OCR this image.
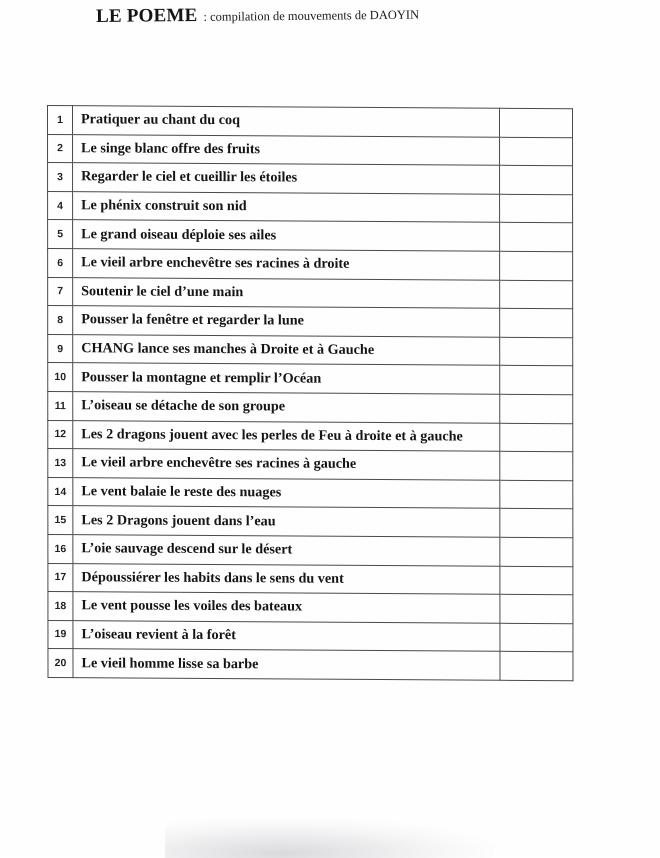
LE POEME : compilation de mouvements de DAOYIN
1	Pratiquer au chant du coq	
2	Le singe blanc offre des fruits	
3	Regarder le ciel et cueillir les étoiles	
4	Le phénix construit son nid	
5	Le grand oiseau déploie ses ailes	
6	Le vieil arbre enchevêtre ses racines à droite	
7	Soutenir le ciel d’une main	
8	Pousser la fenêtre et regarder la lune	
9	CHANG lance ses manches à Droite et à Gauche	
10	Pousser la montagne et remplir l’Océan	
11	L’oiseau se détache de son groupe	
12	Les 2 dragons jouent avec les perles de Feu à droite et à gauche	
13	Le vieil arbre enchevêtre ses racines à gauche	
14	Le vent balaie le reste des nuages	
15	Les 2 Dragons jouent dans l’eau	
16	L’oie sauvage descend sur le désert	
17	Dépoussiérer les habits dans le sens du vent	
18	Le vent pousse les voiles des bateaux	
19	L’oiseau revient à la forêt	
20	Le vieil homme lisse sa barbe	
